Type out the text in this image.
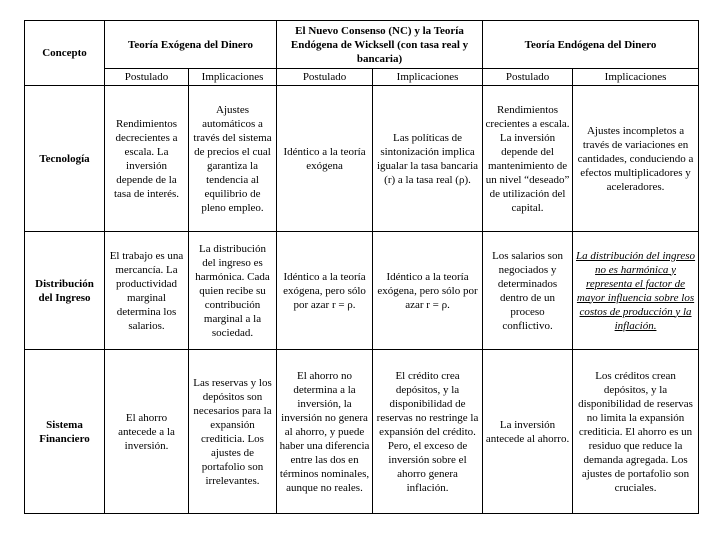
Concepto	Teoría Exógena del Dinero		El Nuevo Consenso (NC) y la Teoría Endógena de Wicksell (con tasa real y bancaria)		Teoría Endógena del Dinero	
	Postulado	Implicaciones	Postulado	Implicaciones	Postulado	Implicaciones
Tecnología	Rendimientos decrecientes a escala. La inversión depende de la tasa de interés.	Ajustes automáticos a través del sistema de precios el cual garantiza la tendencia al equilibrio de pleno empleo.	Idéntico a la teoría exógena	Las políticas de sintonización implica igualar la tasa bancaria (r) a la tasa real (ρ).	Rendimientos crecientes a escala. La inversión depende del mantenimiento de un nivel “deseado” de utilización del capital.	Ajustes incompletos a través de variaciones en cantidades, conduciendo a efectos multiplicadores y aceleradores.
Distribución del Ingreso	El trabajo es una mercancía. La productividad marginal determina los salarios.	La distribución del ingreso es harmónica. Cada quien recibe su contribución marginal a la sociedad.	Idéntico a la teoría exógena, pero sólo por azar r = ρ.	Idéntico a la teoría exógena, pero sólo por azar r = ρ.	Los salarios son negociados y determinados dentro de un proceso conflictivo.	La distribución del ingreso no es harmónica y representa el factor de mayor influencia sobre los costos de producción y la inflación.
Sistema Financiero	El ahorro antecede a la inversión.	Las reservas y los depósitos son necesarios para la expansión crediticia. Los ajustes de portafolio son irrelevantes.	El ahorro no determina a la inversión, la inversión no genera al ahorro, y puede haber una diferencia entre las dos en términos nominales, aunque no reales.	El crédito crea depósitos, y la disponibilidad de reservas no restringe la expansión del crédito. Pero, el exceso de inversión sobre el ahorro genera inflación.	La inversión antecede al ahorro.	Los créditos crean depósitos, y la disponibilidad de reservas no limita la expansión crediticia. El ahorro es un residuo que reduce la demanda agregada. Los ajustes de portafolio son cruciales.
